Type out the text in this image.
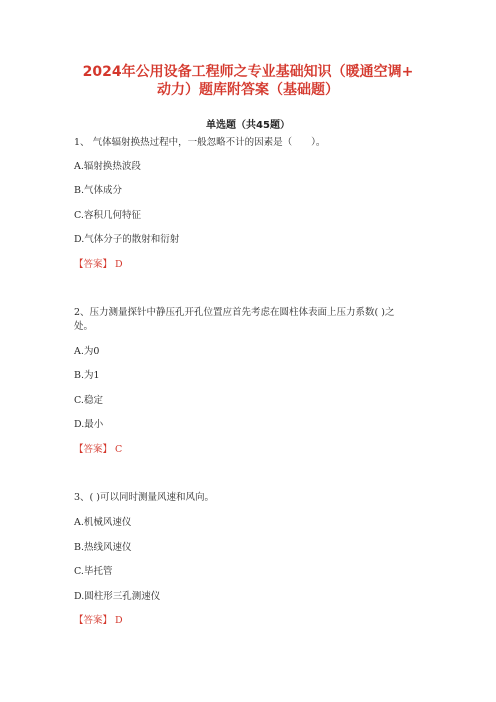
2024年公用设备工程师之专业基础知识（暖通空调+
动力）题库附答案（基础题）
单选题（共45题）
1、 气体辐射换热过程中，一般忽略不计的因素是（　　）。
A.辐射换热波段
B.气体成分
C.容积几何特征
D.气体分子的散射和衍射
【答案】 D
2、压力测量探针中静压孔开孔位置应首先考虑在圆柱体表面上压力系数( )之
处。
A.为0
B.为1
C.稳定
D.最小
【答案】 C
3、( )可以同时测量风速和风向。
A.机械风速仪
B.热线风速仪
C.毕托管
D.圆柱形三孔测速仪
【答案】 D
